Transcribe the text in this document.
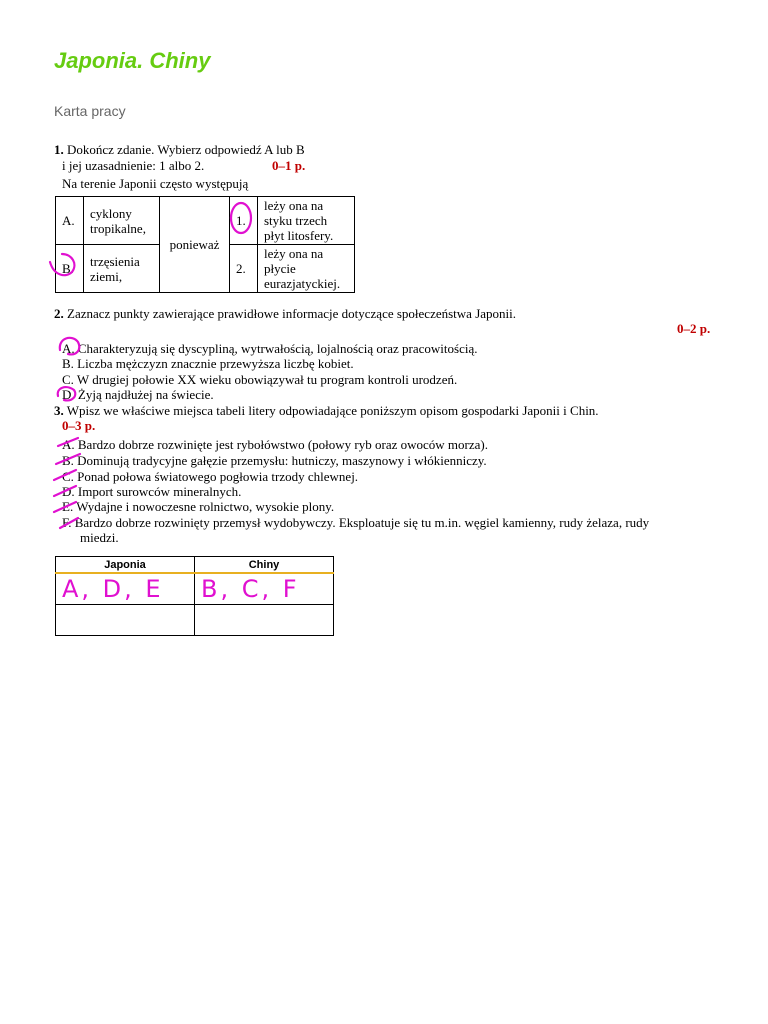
Japonia. Chiny
Karta pracy
1. Dokończ zdanie. Wybierz odpowiedź A lub B
i jej uzasadnienie: 1 albo 2.	0–1 p.
Na terenie Japonii często występują
A.	cyklony tropikalne,	ponieważ	1.	leży ona na styku trzech płyt litosfery.
B.	trzęsienia ziemi,		2.	leży ona na płycie eurazjatyckiej.
2. Zaznacz punkty zawierające prawidłowe informacje dotyczące społeczeństwa Japonii.
0–2 p.
A. Charakteryzują się dyscypliną, wytrwałością, lojalnością oraz pracowitością.
B. Liczba mężczyzn znacznie przewyższa liczbę kobiet.
C. W drugiej połowie XX wieku obowiązywał tu program kontroli urodzeń.
D. Żyją najdłużej na świecie.
3. Wpisz we właściwe miejsca tabeli litery odpowiadające poniższym opisom gospodarki Japonii i Chin.
0–3 p.
A. Bardzo dobrze rozwinięte jest rybołówstwo (połowy ryb oraz owoców morza).
B. Dominują tradycyjne gałęzie przemysłu: hutniczy, maszynowy i włókienniczy.
C. Ponad połowa światowego pogłowia trzody chlewnej.
D. Import surowców mineralnych.
E. Wydajne i nowoczesne rolnictwo, wysokie plony.
F. Bardzo dobrze rozwinięty przemysł wydobywczy. Eksploatuje się tu m.in. węgiel kamienny, rudy żelaza, rudy
miedzi.
Japonia	Chiny

A, D, E	B, C, F
